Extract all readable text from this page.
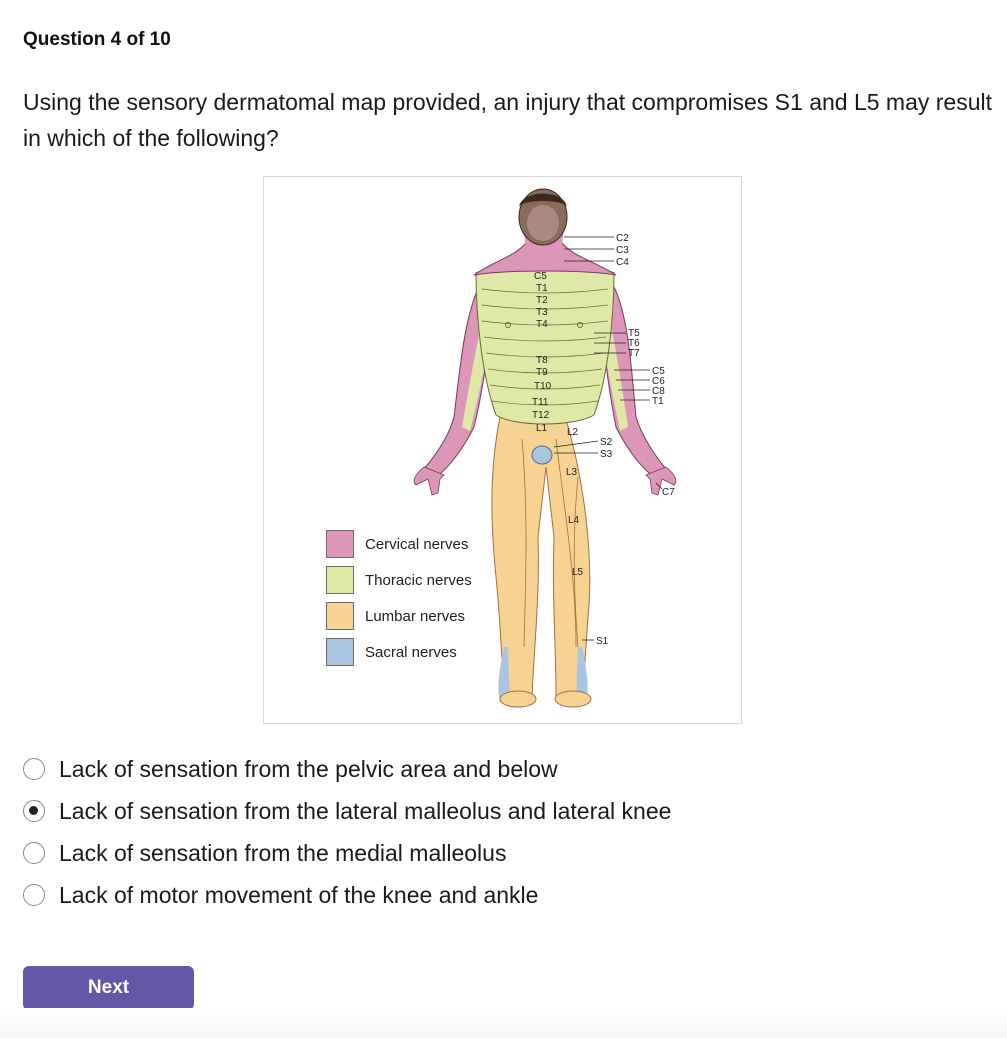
Question 4 of 10
Using the sensory dermatomal map provided, an injury that compromises S1 and L5 may result in which of the following?
C2
C3
C4
C5
T1
T2
T3
T4
T5
T6
T7
T8
T9
T10
T11
T12
L1 L2
L3
L4
L5
S2
S3
S1
C5
C6
C8
T1
C7
Cervical nerves
Thoracic nerves
Lumbar nerves
Sacral nerves
Lack of sensation from the pelvic area and below
Lack of sensation from the lateral malleolus and lateral knee
Lack of sensation from the medial malleolus
Lack of motor movement of the knee and ankle
Next
